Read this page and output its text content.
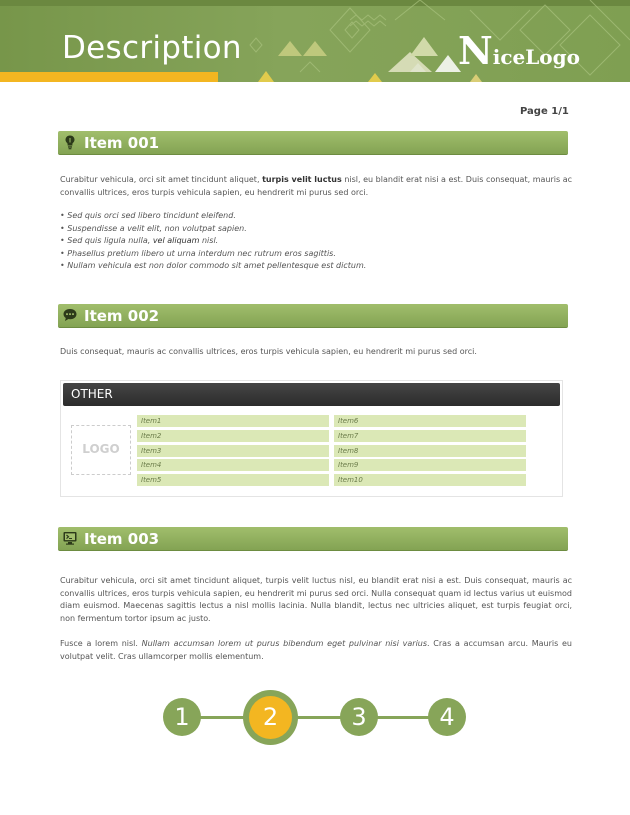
Description	NiceLogo
Page 1/1
Item 001
Curabitur vehicula, orci sit amet tincidunt aliquet, turpis velit luctus nisl, eu blandit erat nisi a est. Duis consequat, mauris ac convallis ultrices, eros turpis vehicula sapien, eu hendrerit mi purus sed orci.
• Sed quis orci sed libero tincidunt eleifend.
• Suspendisse a velit elit, non volutpat sapien.
• Sed quis ligula nulla, vel aliquam nisl.
• Phasellus pretium libero ut urna interdum nec rutrum eros sagittis.
• Nullam vehicula est non dolor commodo sit amet pellentesque est dictum.
Item 002
Duis consequat, mauris ac convallis ultrices, eros turpis vehicula sapien, eu hendrerit mi purus sed orci.
OTHER
LOGO
Item1
Item2
Item3
Item4
Item5
Item6
Item7
Item8
Item9
Item10
Item 003
Curabitur vehicula, orci sit amet tincidunt aliquet, turpis velit luctus nisl, eu blandit erat nisi a est. Duis consequat, mauris ac convallis ultrices, eros turpis vehicula sapien, eu hendrerit mi purus sed orci. Nulla consequat quam id lectus varius ut euismod diam euismod. Maecenas sagittis lectus a nisl mollis lacinia. Nulla blandit, lectus nec ultricies aliquet, est turpis feugiat orci, non fermentum tortor ipsum ac justo.
Fusce a lorem nisl. Nullam accumsan lorem ut purus bibendum eget pulvinar nisi varius. Cras a accumsan arcu. Mauris eu volutpat velit. Cras ullamcorper mollis elementum.
1	2	3	4
